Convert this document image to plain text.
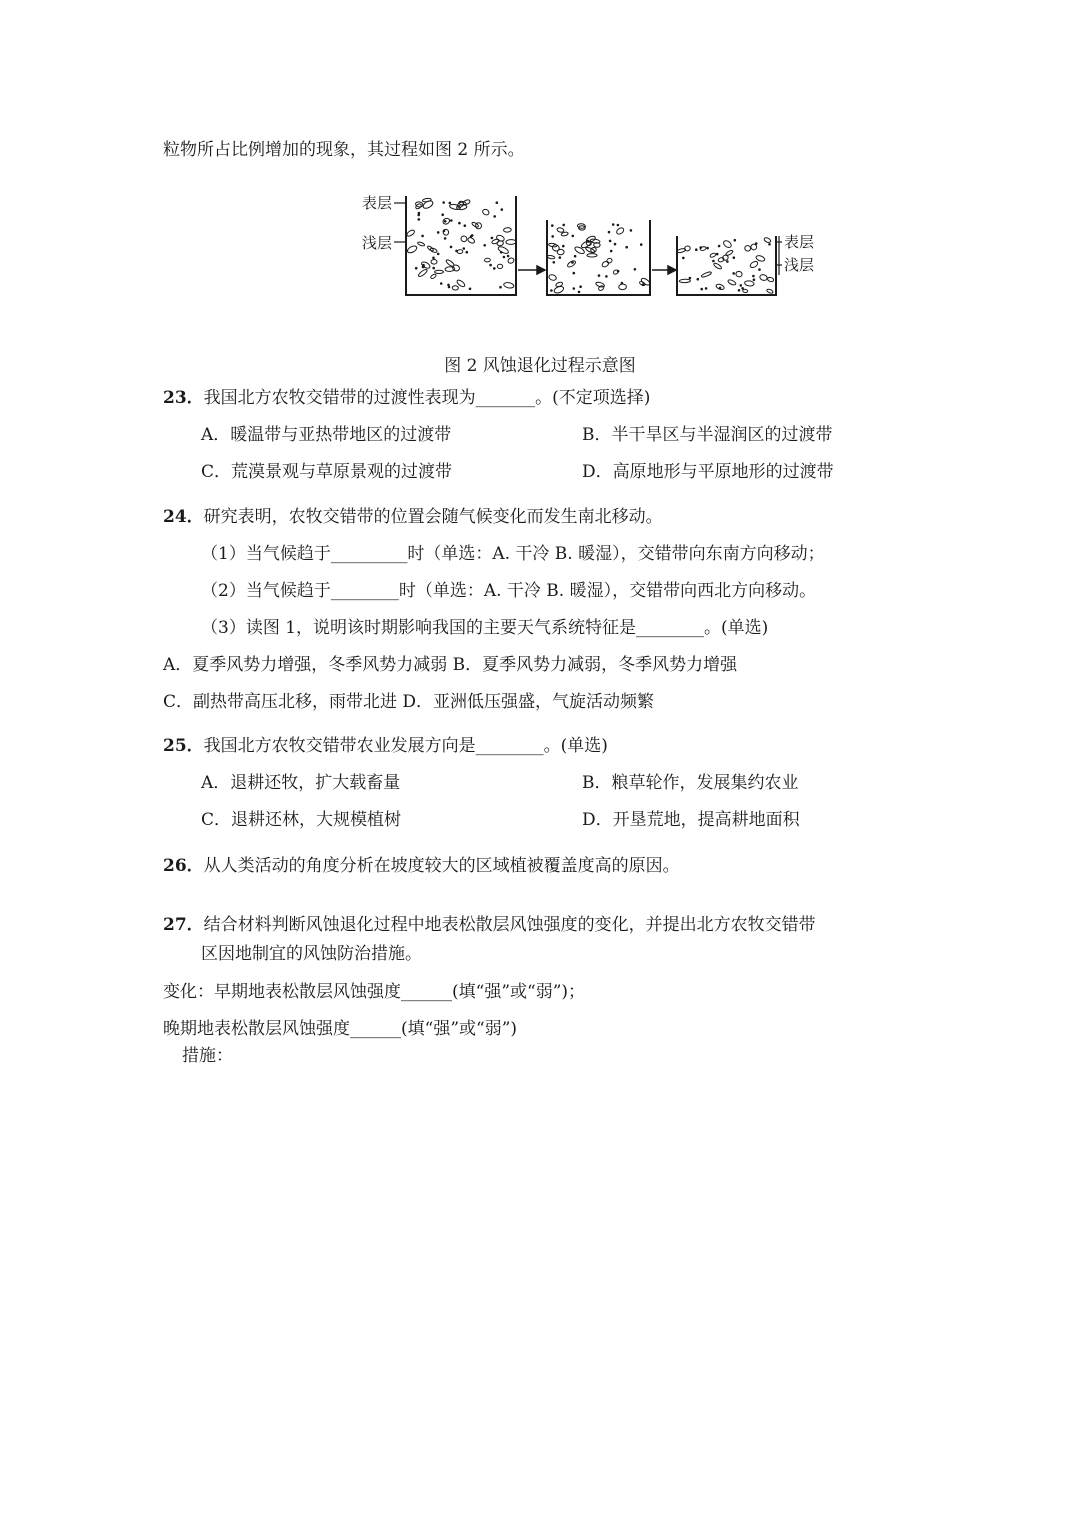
粒物所占比例增加的现象，其过程如图 2 所示。
表层
浅层	表层
浅层
图 2 风蚀退化过程示意图
23．我国北方农牧交错带的过渡性表现为_______。(不定项选择)
A．暖温带与亚热带地区的过渡带	B．半干旱区与半湿润区的过渡带
C．荒漠景观与草原景观的过渡带	D．高原地形与平原地形的过渡带
24．研究表明，农牧交错带的位置会随气候变化而发生南北移动。
（1）当气候趋于_________时（单选：A. 干冷 B. 暖湿），交错带向东南方向移动；
（2）当气候趋于________时（单选：A. 干冷 B. 暖湿），交错带向西北方向移动。
（3）读图 1，说明该时期影响我国的主要天气系统特征是________。(单选)
A．夏季风势力增强，冬季风势力减弱 B．夏季风势力减弱，冬季风势力增强
C．副热带高压北移，雨带北进 D．亚洲低压强盛，气旋活动频繁
25．我国北方农牧交错带农业发展方向是________。(单选)
A．退耕还牧，扩大载畜量	B．粮草轮作，发展集约农业
C．退耕还林，大规模植树	D．开垦荒地，提高耕地面积
26．从人类活动的角度分析在坡度较大的区域植被覆盖度高的原因。
27．结合材料判断风蚀退化过程中地表松散层风蚀强度的变化，并提出北方农牧交错带
区因地制宜的风蚀防治措施。
变化：早期地表松散层风蚀强度______(填“强”或“弱”)；
晚期地表松散层风蚀强度______(填“强”或“弱”)
措施：
